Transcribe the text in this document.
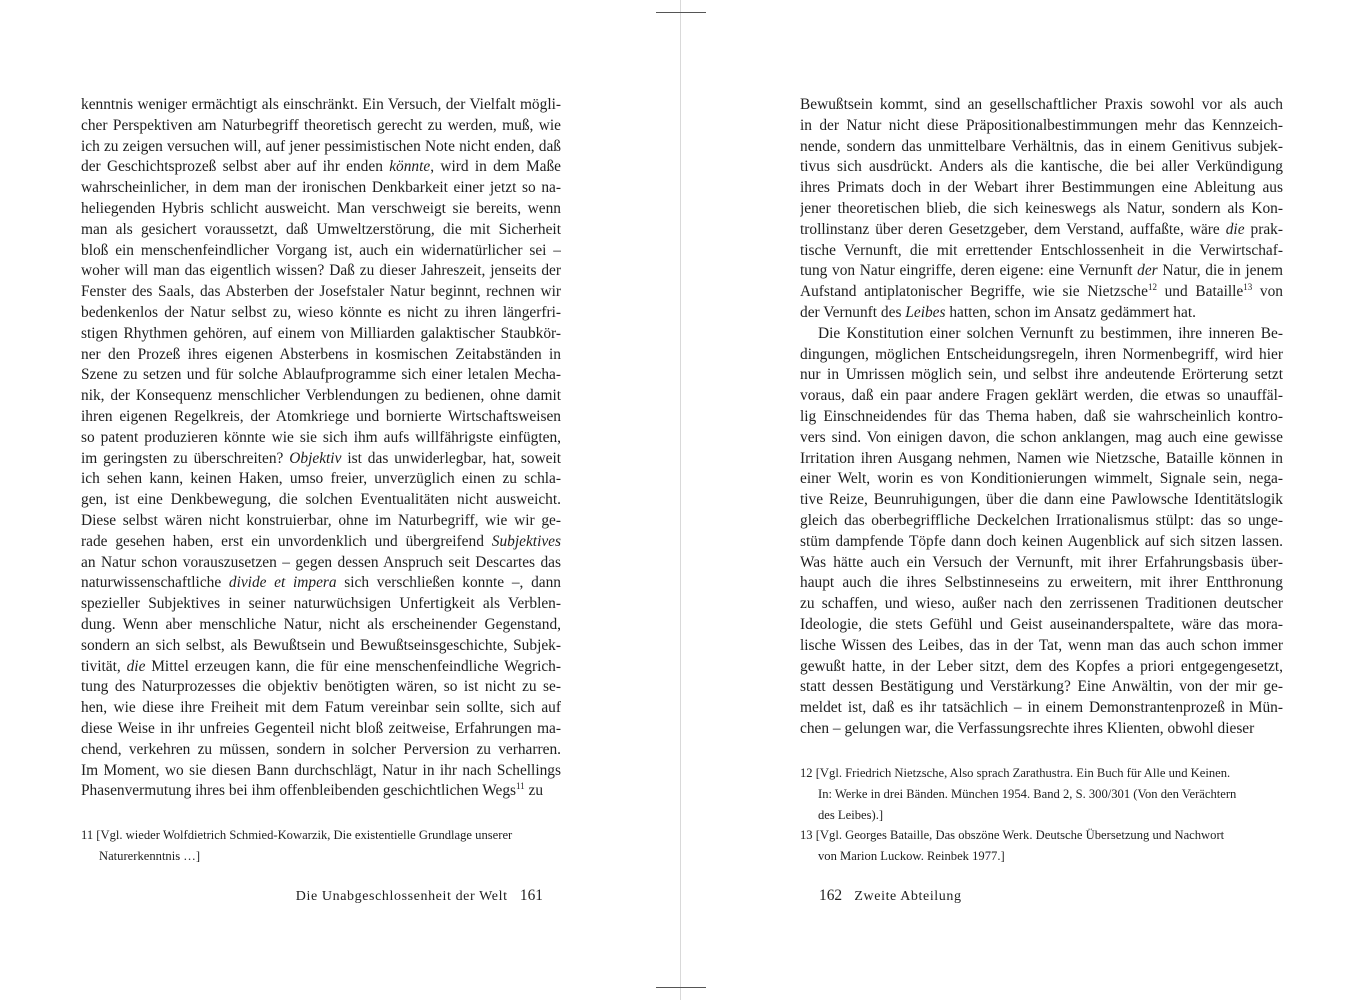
kenntnis weniger ermächtigt als einschränkt. Ein Versuch, der Vielfalt mögli-
cher Perspektiven am Naturbegriff theoretisch gerecht zu werden, muß, wie
ich zu zeigen versuchen will, auf jener pessimistischen Note nicht enden, daß
der Geschichtsprozeß selbst aber auf ihr enden könnte, wird in dem Maße
wahrscheinlicher, in dem man der ironischen Denkbarkeit einer jetzt so na-
heliegenden Hybris schlicht ausweicht. Man verschweigt sie bereits, wenn
man als gesichert voraussetzt, daß Umweltzerstörung, die mit Sicherheit
bloß ein menschenfeindlicher Vorgang ist, auch ein widernatürlicher sei –
woher will man das eigentlich wissen? Daß zu dieser Jahreszeit, jenseits der
Fenster des Saals, das Absterben der Josefstaler Natur beginnt, rechnen wir
bedenkenlos der Natur selbst zu, wieso könnte es nicht zu ihren längerfri-
stigen Rhythmen gehören, auf einem von Milliarden galaktischer Staubkör-
ner den Prozeß ihres eigenen Absterbens in kosmischen Zeitabständen in
Szene zu setzen und für solche Ablaufprogramme sich einer letalen Mecha-
nik, der Konsequenz menschlicher Verblendungen zu bedienen, ohne damit
ihren eigenen Regelkreis, der Atomkriege und bornierte Wirtschaftsweisen
so patent produzieren könnte wie sie sich ihm aufs willfährigste einfügten,
im geringsten zu überschreiten? Objektiv ist das unwiderlegbar, hat, soweit
ich sehen kann, keinen Haken, umso freier, unverzüglich einen zu schla-
gen, ist eine Denkbewegung, die solchen Eventualitäten nicht ausweicht.
Diese selbst wären nicht konstruierbar, ohne im Naturbegriff, wie wir ge-
rade gesehen haben, erst ein unvordenklich und übergreifend Subjektives
an Natur schon vorauszusetzen – gegen dessen Anspruch seit Descartes das
naturwissenschaftliche divide et impera sich verschließen konnte –, dann
spezieller Subjektives in seiner naturwüchsigen Unfertigkeit als Verblen-
dung. Wenn aber menschliche Natur, nicht als erscheinender Gegenstand,
sondern an sich selbst, als Bewußtsein und Bewußtseinsgeschichte, Subjek-
tivität, die Mittel erzeugen kann, die für eine menschenfeindliche Wegrich-
tung des Naturprozesses die objektiv benötigten wären, so ist nicht zu se-
hen, wie diese ihre Freiheit mit dem Fatum vereinbar sein sollte, sich auf
diese Weise in ihr unfreies Gegenteil nicht bloß zeitweise, Erfahrungen ma-
chend, verkehren zu müssen, sondern in solcher Perversion zu verharren.
Im Moment, wo sie diesen Bann durchschlägt, Natur in ihr nach Schellings
Phasenvermutung ihres bei ihm offenbleibenden geschichtlichen Wegs$^{11}$ zu
11 [Vgl. wieder Wolfdietrich Schmied-Kowarzik, Die existentielle Grundlage unserer
Naturerkenntnis …]
Die Unabgeschlossenheit der Welt 161
Bewußtsein kommt, sind an gesellschaftlicher Praxis sowohl vor als auch
in der Natur nicht diese Präpositionalbestimmungen mehr das Kennzeich-
nende, sondern das unmittelbare Verhältnis, das in einem Genitivus subjek-
tivus sich ausdrückt. Anders als die kantische, die bei aller Verkündigung
ihres Primats doch in der Webart ihrer Bestimmungen eine Ableitung aus
jener theoretischen blieb, die sich keineswegs als Natur, sondern als Kon-
trollinstanz über deren Gesetzgeber, dem Verstand, auffaßte, wäre die prak-
tische Vernunft, die mit errettender Entschlossenheit in die Verwirtschaf-
tung von Natur eingriffe, deren eigene: eine Vernunft der Natur, die in jenem
Aufstand antiplatonischer Begriffe, wie sie Nietzsche$^{12}$ und Bataille$^{13}$ von
der Vernunft des Leibes hatten, schon im Ansatz gedämmert hat.
Die Konstitution einer solchen Vernunft zu bestimmen, ihre inneren Be-
dingungen, möglichen Entscheidungsregeln, ihren Normenbegriff, wird hier
nur in Umrissen möglich sein, und selbst ihre andeutende Erörterung setzt
voraus, daß ein paar andere Fragen geklärt werden, die etwas so unauffäl-
lig Einschneidendes für das Thema haben, daß sie wahrscheinlich kontro-
vers sind. Von einigen davon, die schon anklangen, mag auch eine gewisse
Irritation ihren Ausgang nehmen, Namen wie Nietzsche, Bataille können in
einer Welt, worin es von Konditionierungen wimmelt, Signale sein, nega-
tive Reize, Beunruhigungen, über die dann eine Pawlowsche Identitätslogik
gleich das oberbegriffliche Deckelchen Irrationalismus stülpt: das so unge-
stüm dampfende Töpfe dann doch keinen Augenblick auf sich sitzen lassen.
Was hätte auch ein Versuch der Vernunft, mit ihrer Erfahrungsbasis über-
haupt auch die ihres Selbstinneseins zu erweitern, mit ihrer Entthronung
zu schaffen, und wieso, außer nach den zerrissenen Traditionen deutscher
Ideologie, die stets Gefühl und Geist auseinanderspaltete, wäre das mora-
lische Wissen des Leibes, das in der Tat, wenn man das auch schon immer
gewußt hatte, in der Leber sitzt, dem des Kopfes a priori entgegengesetzt,
statt dessen Bestätigung und Verstärkung? Eine Anwältin, von der mir ge-
meldet ist, daß es ihr tatsächlich – in einem Demonstrantenprozeß in Mün-
chen – gelungen war, die Verfassungsrechte ihres Klienten, obwohl dieser
12 [Vgl. Friedrich Nietzsche, Also sprach Zarathustra. Ein Buch für Alle und Keinen.
In: Werke in drei Bänden. München 1954. Band 2, S. 300/301 (Von den Verächtern
des Leibes).]
13 [Vgl. Georges Bataille, Das obszöne Werk. Deutsche Übersetzung und Nachwort
von Marion Luckow. Reinbek 1977.]
162 Zweite Abteilung
